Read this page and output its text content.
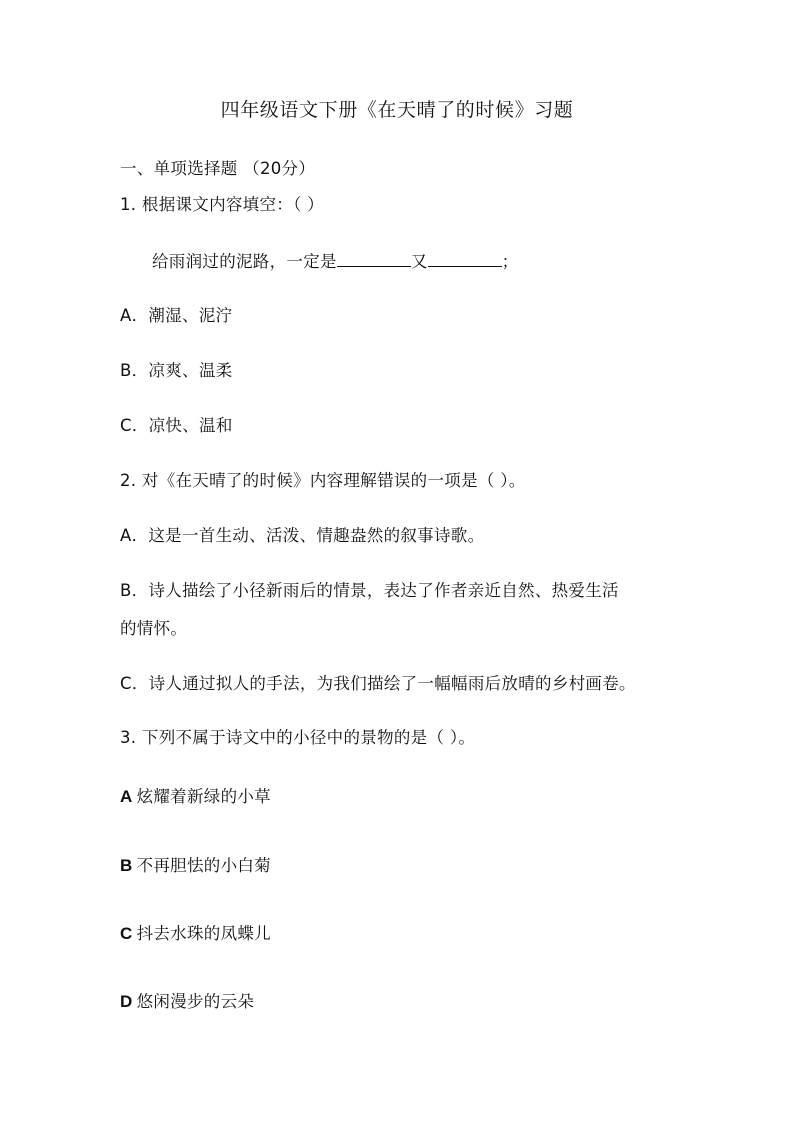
四年级语文下册《在天晴了的时候》习题
一、单项选择题 （20分）
1. 根据课文内容填空：（ ）
给雨润过的泥路，一定是	又	；
A．潮湿、泥泞
B．凉爽、温柔
C．凉快、温和
2. 对《在天晴了的时候》内容理解错误的一项是（ ）。
A．这是一首生动、活泼、情趣盎然的叙事诗歌。
B．诗人描绘了小径新雨后的情景，表达了作者亲近自然、热爱生活
的情怀。
C．诗人通过拟人的手法，为我们描绘了一幅幅雨后放晴的乡村画卷。
3. 下列不属于诗文中的小径中的景物的是（ ）。
A 炫耀着新绿的小草
B 不再胆怯的小白菊
C 抖去水珠的凤蝶儿
D 悠闲漫步的云朵
